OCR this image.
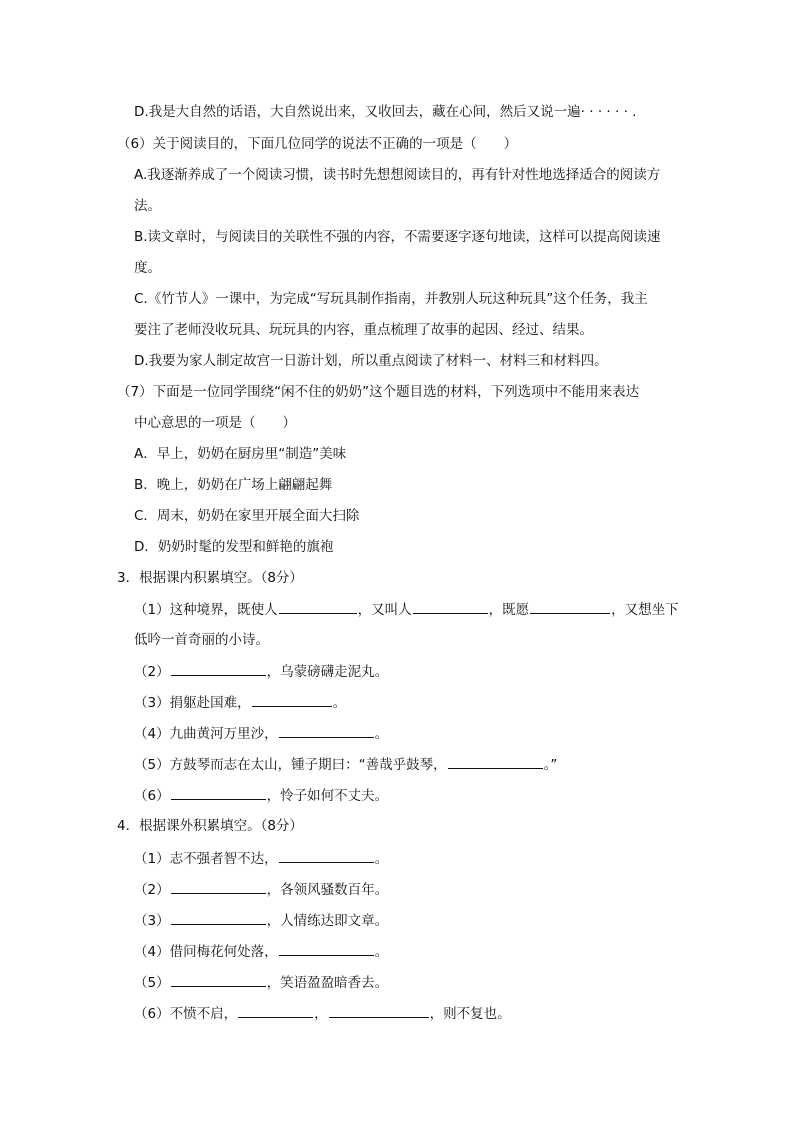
D.我是大自然的话语，大自然说出来，又收回去，藏在心间，然后又说一遍· · · · · · .
（6）关于阅读目的，下面几位同学的说法不正确的一项是（　　）
A.我逐渐养成了一个阅读习惯，读书时先想想阅读目的，再有针对性地选择适合的阅读方
法。
B.读文章时，与阅读目的关联性不强的内容，不需要逐字逐句地读，这样可以提高阅读速
度。
C.《竹节人》一课中，为完成“写玩具制作指南，并教别人玩这种玩具”这个任务，我主
要注了老师没收玩具、玩玩具的内容，重点梳理了故事的起因、经过、结果。
D.我要为家人制定故宫一日游计划，所以重点阅读了材料一、材料三和材料四。
（7）下面是一位同学围绕“闲不住的奶奶”这个题目选的材料，下列选项中不能用来表达
中心意思的一项是（　　）
A．早上，奶奶在厨房里“制造”美味
B．晚上，奶奶在广场上翩翩起舞
C．周末，奶奶在家里开展全面大扫除
D．奶奶时髦的发型和鲜艳的旗袍
3．根据课内积累填空。（8分）
（1）这种境界，既使人	，又叫人	，既愿	，又想坐下
低吟一首奇丽的小诗。
（2）	，乌蒙磅礴走泥丸。
（3）捐躯赴国难，	。
（4）九曲黄河万里沙，	。
（5）方鼓琴而志在太山，锺子期曰：“善哉乎鼓琴，	。”
（6）	，怜子如何不丈夫。
4．根据课外积累填空。（8分）
（1）志不强者智不达，	。
（2）	，各领风骚数百年。
（3）	，人情练达即文章。
（4）借问梅花何处落，	。
（5）	，笑语盈盈暗香去。
（6）不愤不启，	，	，则不复也。
